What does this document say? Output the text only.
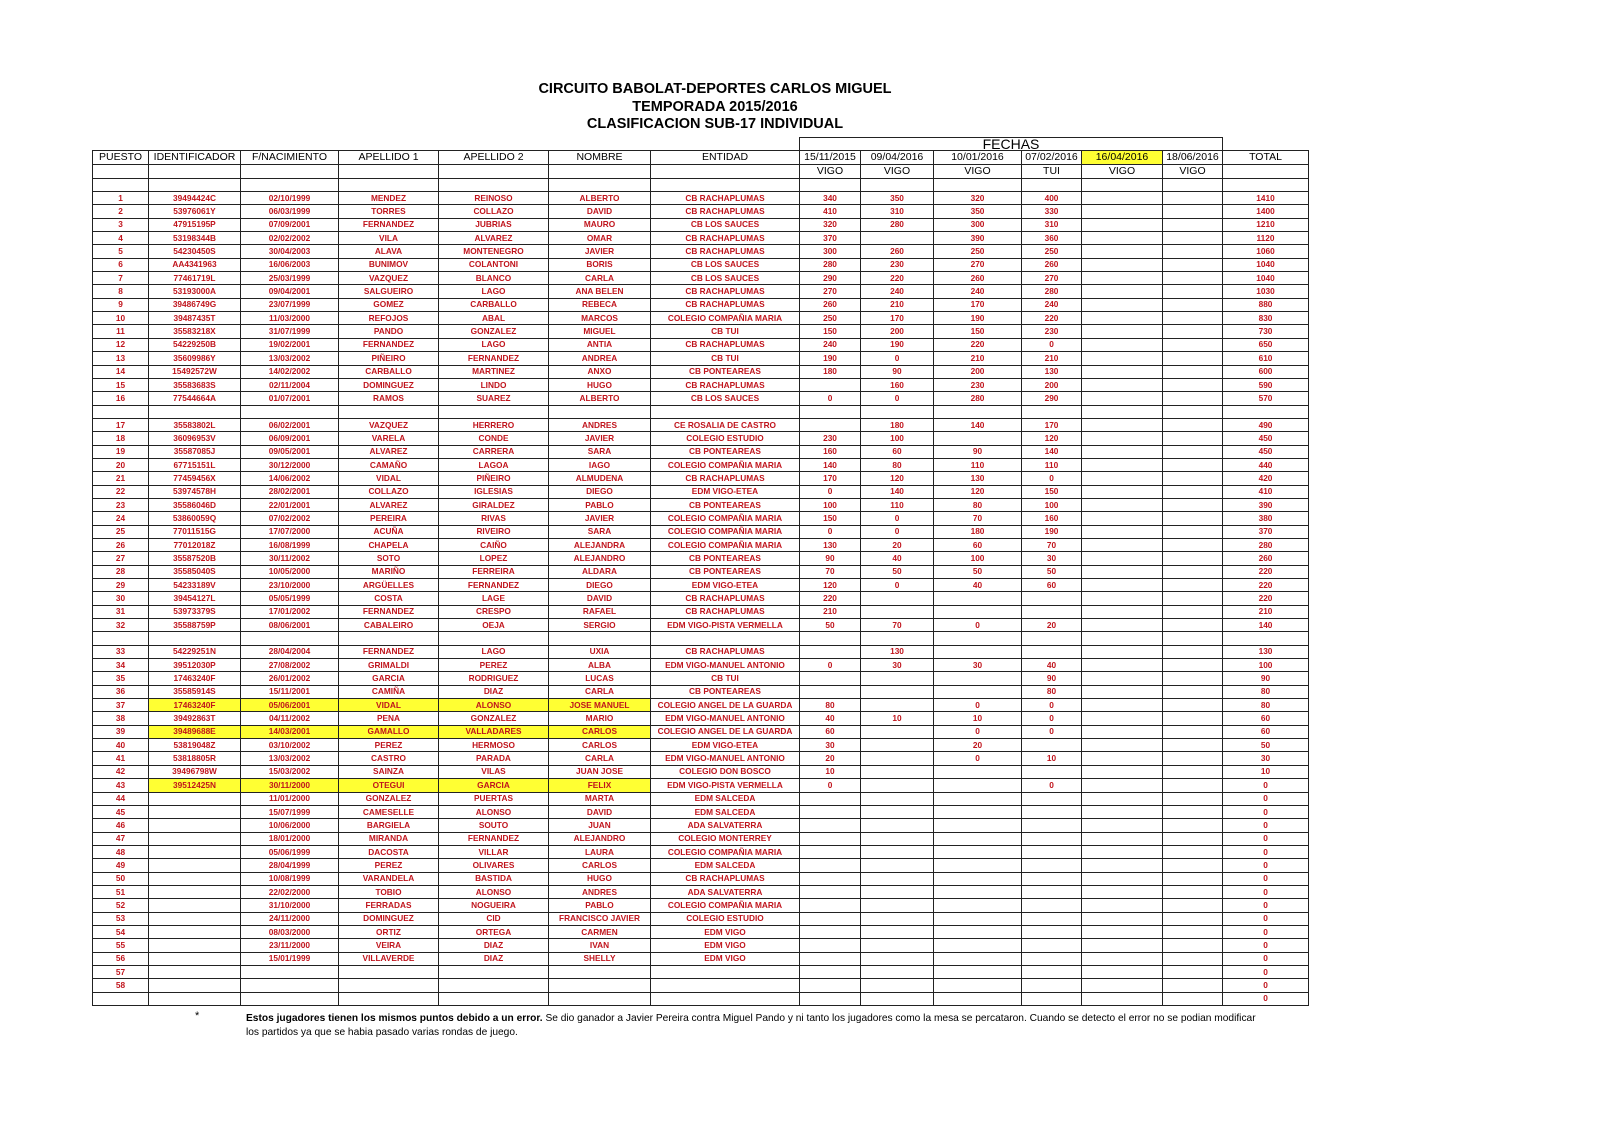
CIRCUITO BABOLAT-DEPORTES CARLOS MIGUEL
TEMPORADA 2015/2016
CLASIFICACION SUB-17 INDIVIDUAL
							FECHAS						
PUESTO	IDENTIFICADOR	F/NACIMIENTO	APELLIDO 1	APELLIDO 2	NOMBRE	ENTIDAD	15/11/2015	09/04/2016	10/01/2016	07/02/2016	16/04/2016	18/06/2016	TOTAL
							VIGO	VIGO	VIGO	TUI	VIGO	VIGO	

1	39494424C	02/10/1999	MENDEZ	REINOSO	ALBERTO	CB RACHAPLUMAS	340	350	320	400			1410
2	53976061Y	06/03/1999	TORRES	COLLAZO	DAVID	CB RACHAPLUMAS	410	310	350	330			1400
3	47915195P	07/09/2001	FERNANDEZ	JUBRIAS	MAURO	CB LOS SAUCES	320	280	300	310			1210
4	53198344B	02/02/2002	VILA	ALVAREZ	OMAR	CB RACHAPLUMAS	370		390	360			1120
5	54230450S	30/04/2003	ALAVA	MONTENEGRO	JAVIER	CB RACHAPLUMAS	300	260	250	250			1060
6	AA4341963	16/06/2003	BUNIMOV	COLANTONI	BORIS	CB LOS SAUCES	280	230	270	260			1040
7	77461719L	25/03/1999	VAZQUEZ	BLANCO	CARLA	CB LOS SAUCES	290	220	260	270			1040
8	53193000A	09/04/2001	SALGUEIRO	LAGO	ANA BELEN	CB RACHAPLUMAS	270	240	240	280			1030
9	39486749G	23/07/1999	GOMEZ	CARBALLO	REBECA	CB RACHAPLUMAS	260	210	170	240			880
10	39487435T	11/03/2000	REFOJOS	ABAL	MARCOS	COLEGIO COMPAÑIA MARIA	250	170	190	220			830
11	35583218X	31/07/1999	PANDO	GONZALEZ	MIGUEL	CB TUI	150	200	150	230			730
12	54229250B	19/02/2001	FERNANDEZ	LAGO	ANTIA	CB RACHAPLUMAS	240	190	220	0			650
13	35609986Y	13/03/2002	PIÑEIRO	FERNANDEZ	ANDREA	CB TUI	190	0	210	210			610
14	15492572W	14/02/2002	CARBALLO	MARTINEZ	ANXO	CB PONTEAREAS	180	90	200	130			600
15	35583683S	02/11/2004	DOMINGUEZ	LINDO	HUGO	CB RACHAPLUMAS		160	230	200			590
16	77544664A	01/07/2001	RAMOS	SUAREZ	ALBERTO	CB LOS SAUCES	0	0	280	290			570

17	35583802L	06/02/2001	VAZQUEZ	HERRERO	ANDRES	CE ROSALIA DE CASTRO		180	140	170			490
18	36096953V	06/09/2001	VARELA	CONDE	JAVIER	COLEGIO ESTUDIO	230	100		120			450
19	35587085J	09/05/2001	ALVAREZ	CARRERA	SARA	CB PONTEAREAS	160	60	90	140			450
20	67715151L	30/12/2000	CAMAÑO	LAGOA	IAGO	COLEGIO COMPAÑIA MARIA	140	80	110	110			440
21	77459456X	14/06/2002	VIDAL	PIÑEIRO	ALMUDENA	CB RACHAPLUMAS	170	120	130	0			420
22	53974578H	28/02/2001	COLLAZO	IGLESIAS	DIEGO	EDM VIGO-ETEA	0	140	120	150			410
23	35586046D	22/01/2001	ALVAREZ	GIRALDEZ	PABLO	CB PONTEAREAS	100	110	80	100			390
24	53860059Q	07/02/2002	PEREIRA	RIVAS	JAVIER	COLEGIO COMPAÑIA MARIA	150	0	70	160			380
25	77011515G	17/07/2000	ACUÑA	RIVEIRO	SARA	COLEGIO COMPAÑIA MARIA	0	0	180	190			370
26	77012018Z	16/08/1999	CHAPELA	CAIÑO	ALEJANDRA	COLEGIO COMPAÑIA MARIA	130	20	60	70			280
27	35587520B	30/11/2002	SOTO	LOPEZ	ALEJANDRO	CB PONTEAREAS	90	40	100	30			260
28	35585040S	10/05/2000	MARIÑO	FERREIRA	ALDARA	CB PONTEAREAS	70	50	50	50			220
29	54233189V	23/10/2000	ARGÜELLES	FERNANDEZ	DIEGO	EDM VIGO-ETEA	120	0	40	60			220
30	39454127L	05/05/1999	COSTA	LAGE	DAVID	CB RACHAPLUMAS	220						220
31	53973379S	17/01/2002	FERNANDEZ	CRESPO	RAFAEL	CB RACHAPLUMAS	210						210
32	35588759P	08/06/2001	CABALEIRO	OEJA	SERGIO	EDM VIGO-PISTA VERMELLA	50	70	0	20			140

33	54229251N	28/04/2004	FERNANDEZ	LAGO	UXIA	CB RACHAPLUMAS		130					130
34	39512030P	27/08/2002	GRIMALDI	PEREZ	ALBA	EDM VIGO-MANUEL ANTONIO	0	30	30	40			100
35	17463240F	26/01/2002	GARCIA	RODRIGUEZ	LUCAS	CB TUI				90			90
36	35585914S	15/11/2001	CAMIÑA	DIAZ	CARLA	CB PONTEAREAS				80			80
37	17463240F	05/06/2001	VIDAL	ALONSO	JOSE MANUEL	COLEGIO ANGEL DE LA GUARDA	80		0	0			80
38	39492863T	04/11/2002	PENA	GONZALEZ	MARIO	EDM VIGO-MANUEL ANTONIO	40	10	10	0			60
39	39489688E	14/03/2001	GAMALLO	VALLADARES	CARLOS	COLEGIO ANGEL DE LA GUARDA	60		0	0			60
40	53819048Z	03/10/2002	PEREZ	HERMOSO	CARLOS	EDM VIGO-ETEA	30		20				50
41	53818805R	13/03/2002	CASTRO	PARADA	CARLA	EDM VIGO-MANUEL ANTONIO	20		0	10			30
42	39496798W	15/03/2002	SAINZA	VILAS	JUAN JOSE	COLEGIO DON BOSCO	10						10
43	39512425N	30/11/2000	OTEGUI	GARCIA	FELIX	EDM VIGO-PISTA VERMELLA	0			0			0
44		11/01/2000	GONZALEZ	PUERTAS	MARTA	EDM SALCEDA							0
45		15/07/1999	CAMESELLE	ALONSO	DAVID	EDM SALCEDA							0
46		10/06/2000	BARGIELA	SOUTO	JUAN	ADA SALVATERRA							0
47		18/01/2000	MIRANDA	FERNANDEZ	ALEJANDRO	COLEGIO MONTERREY							0
48		05/06/1999	DACOSTA	VILLAR	LAURA	COLEGIO COMPAÑIA MARIA							0
49		28/04/1999	PEREZ	OLIVARES	CARLOS	EDM SALCEDA							0
50		10/08/1999	VARANDELA	BASTIDA	HUGO	CB RACHAPLUMAS							0
51		22/02/2000	TOBIO	ALONSO	ANDRES	ADA SALVATERRA							0
52		31/10/2000	FERRADAS	NOGUEIRA	PABLO	COLEGIO COMPAÑIA MARIA							0
53		24/11/2000	DOMINGUEZ	CID	FRANCISCO JAVIER	COLEGIO ESTUDIO							0
54		08/03/2000	ORTIZ	ORTEGA	CARMEN	EDM VIGO							0
55		23/11/2000	VEIRA	DIAZ	IVAN	EDM VIGO							0
56		15/01/1999	VILLAVERDE	DIAZ	SHELLY	EDM VIGO							0
57													0
58													0
													0
*	Estos jugadores tienen los mismos puntos debido a un error. Se dio ganador a Javier Pereira contra Miguel Pando y ni tanto los jugadores como la mesa se percataron. Cuando se detecto el error no se podian modificar los partidos ya que se habia pasado varias rondas de juego.
